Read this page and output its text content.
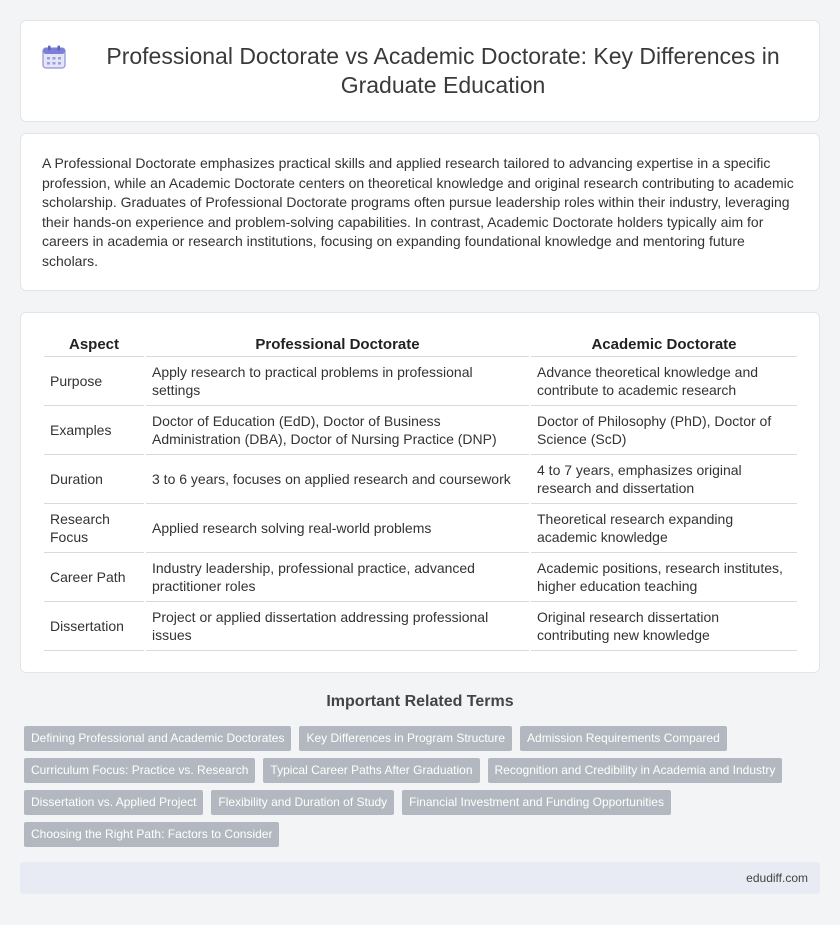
Professional Doctorate vs Academic Doctorate: Key Differences in Graduate Education

A Professional Doctorate emphasizes practical skills and applied research tailored to advancing expertise in a specific profession, while an Academic Doctorate centers on theoretical knowledge and original research contributing to academic scholarship. Graduates of Professional Doctorate programs often pursue leadership roles within their industry, leveraging their hands-on experience and problem-solving capabilities. In contrast, Academic Doctorate holders typically aim for careers in academia or research institutions, focusing on expanding foundational knowledge and mentoring future scholars.

Aspect	Professional Doctorate	Academic Doctorate
Purpose	Apply research to practical problems in professional settings	Advance theoretical knowledge and contribute to academic research
Examples	Doctor of Education (EdD), Doctor of Business Administration (DBA), Doctor of Nursing Practice (DNP)	Doctor of Philosophy (PhD), Doctor of Science (ScD)
Duration	3 to 6 years, focuses on applied research and coursework	4 to 7 years, emphasizes original research and dissertation
Research Focus	Applied research solving real-world problems	Theoretical research expanding academic knowledge
Career Path	Industry leadership, professional practice, advanced practitioner roles	Academic positions, research institutes, higher education teaching
Dissertation	Project or applied dissertation addressing professional issues	Original research dissertation contributing new knowledge
Important Related Terms
Defining Professional and Academic Doctorates	Key Differences in Program Structure	Admission Requirements Compared
Curriculum Focus: Practice vs. Research	Typical Career Paths After Graduation	Recognition and Credibility in Academia and Industry
Dissertation vs. Applied Project	Flexibility and Duration of Study	Financial Investment and Funding Opportunities
Choosing the Right Path: Factors to Consider
edudiff.com
